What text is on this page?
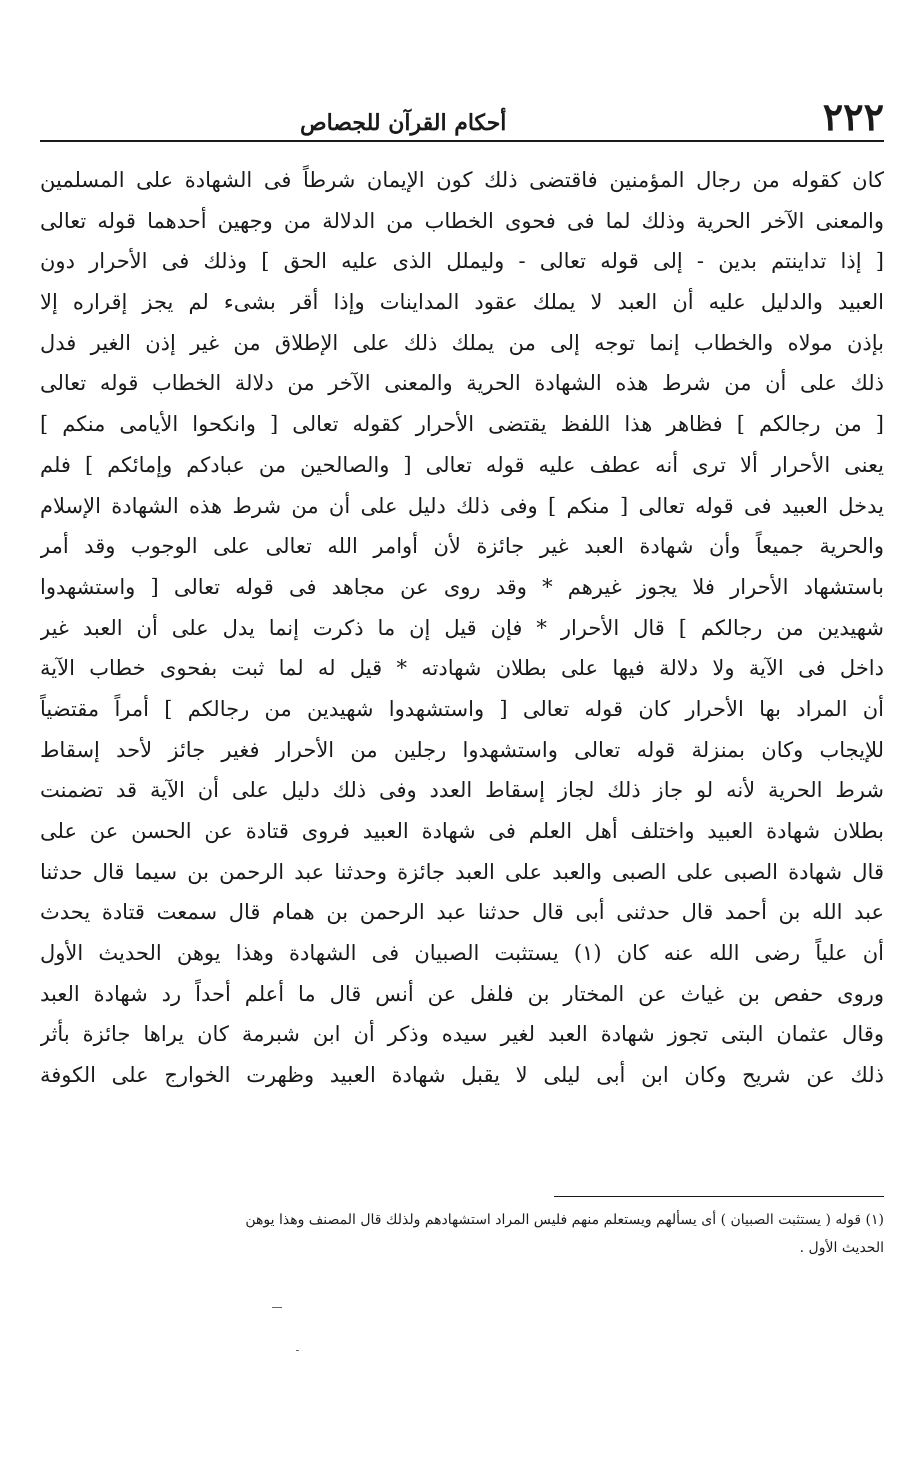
٢٢٢
أحكام القرآن للجصاص
كان كقوله من رجال المؤمنين فاقتضى ذلك كون الإيمان شرطاً فى الشهادة على المسلمين
والمعنى الآخر الحرية وذلك لما فى فحوى الخطاب من الدلالة من وجهين أحدهما قوله تعالى
[ إذا تداينتم بدين - إلى قوله تعالى - وليملل الذى عليه الحق ] وذلك فى الأحرار دون
العبيد والدليل عليه أن العبد لا يملك عقود المداينات وإذا أقر بشىء لم يجز إقراره إلا
بإذن مولاه والخطاب إنما توجه إلى من يملك ذلك على الإطلاق من غير إذن الغير فدل
ذلك على أن من شرط هذه الشهادة الحرية والمعنى الآخر من دلالة الخطاب قوله تعالى
[ من رجالكم ] فظاهر هذا اللفظ يقتضى الأحرار كقوله تعالى [ وانكحوا الأيامى منكم ]
يعنى الأحرار ألا ترى أنه عطف عليه قوله تعالى [ والصالحين من عبادكم وإمائكم ] فلم
يدخل العبيد فى قوله تعالى [ منكم ] وفى ذلك دليل على أن من شرط هذه الشهادة الإسلام
والحرية جميعاً وأن شهادة العبد غير جائزة لأن أوامر الله تعالى على الوجوب وقد أمر
باستشهاد الأحرار فلا يجوز غيرهم * وقد روى عن مجاهد فى قوله تعالى [ واستشهدوا
شهيدين من رجالكم ] قال الأحرار * فإن قيل إن ما ذكرت إنما يدل على أن العبد غير
داخل فى الآية ولا دلالة فيها على بطلان شهادته * قيل له لما ثبت بفحوى خطاب الآية
أن المراد بها الأحرار كان قوله تعالى [ واستشهدوا شهيدين من رجالكم ] أمراً مقتضياً
للإيجاب وكان بمنزلة قوله تعالى واستشهدوا رجلين من الأحرار فغير جائز لأحد إسقاط
شرط الحرية لأنه لو جاز ذلك لجاز إسقاط العدد وفى ذلك دليل على أن الآية قد تضمنت
بطلان شهادة العبيد واختلف أهل العلم فى شهادة العبيد فروى قتادة عن الحسن عن على
قال شهادة الصبى على الصبى والعبد على العبد جائزة وحدثنا عبد الرحمن بن سيما قال حدثنا
عبد الله بن أحمد قال حدثنى أبى قال حدثنا عبد الرحمن بن همام قال سمعت قتادة يحدث
أن علياً رضى الله عنه كان (١) يستثبت الصبيان فى الشهادة وهذا يوهن الحديث الأول
وروى حفص بن غياث عن المختار بن فلفل عن أنس قال ما أعلم أحداً رد شهادة العبد
وقال عثمان البتى تجوز شهادة العبد لغير سيده وذكر أن ابن شبرمة كان يراها جائزة بأثر
ذلك عن شريح وكان ابن أبى ليلى لا يقبل شهادة العبيد وظهرت الخوارج على الكوفة
(١) قوله ( يستثبت الصبيان ) أى يسألهم ويستعلم منهم فليس المراد استشهادهم ولذلك قال المصنف وهذا يوهن
الحديث الأول .
